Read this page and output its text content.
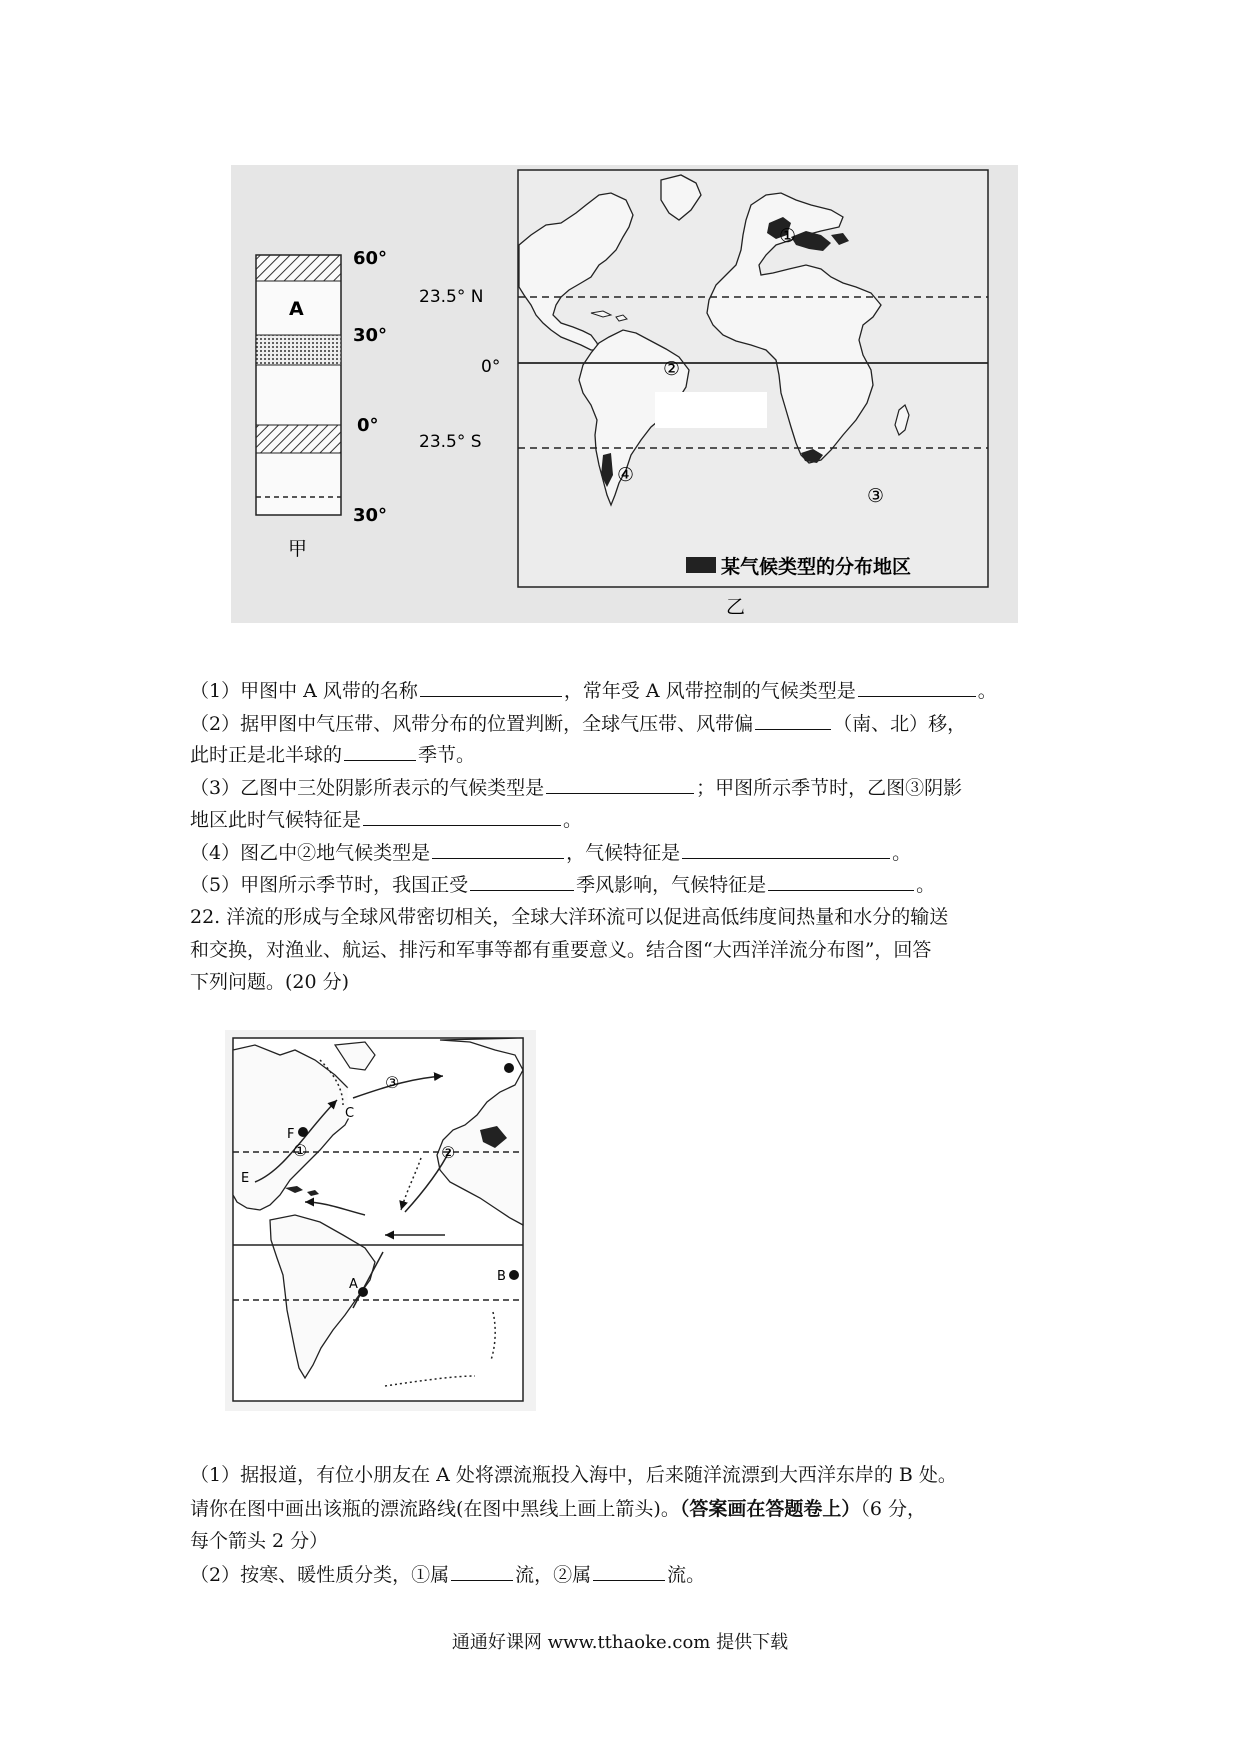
A
60°
30°
0°
30°
甲
23.5° N
0°
23.5° S
①
②
③
④
某气候类型的分布地区
乙
（1）甲图中 A 风带的名称	，常年受 A 风带控制的气候类型是	。
（2）据甲图中气压带、风带分布的位置判断，全球气压带、风带偏	（南、北）移，
此时正是北半球的	季节。
（3）乙图中三处阴影所表示的气候类型是	；甲图所示季节时，乙图③阴影
地区此时气候特征是	。
（4）图乙中②地气候类型是	，气候特征是	。
（5）甲图所示季节时，我国正受	季风影响，气候特征是	。
22. 洋流的形成与全球风带密切相关，全球大洋环流可以促进高低纬度间热量和水分的输送
和交换，对渔业、航运、排污和军事等都有重要意义。结合图“大西洋洋流分布图”，回答
下列问题。(20 分)
F
C
E
A
B
①	②
③
（1）据报道，有位小朋友在 A 处将漂流瓶投入海中，后来随洋流漂到大西洋东岸的 B 处。
请你在图中画出该瓶的漂流路线(在图中黑线上画上箭头)。（答案画在答题卷上）（6 分，
每个箭头 2 分）
（2）按寒、暖性质分类，①属	流，②属	流。
通通好课网 www.tthaoke.com 提供下载
